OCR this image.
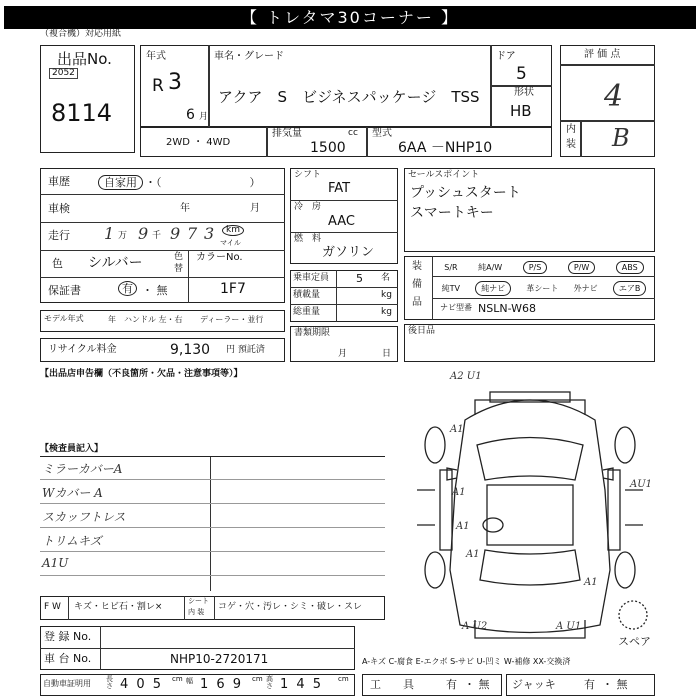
【 トレタマ30コーナー 】
（複合機）対応用紙
出品No.
2052
8114
年式
R 3
6 月
車名・グレード
アクア　S　ビジネスパッケージ　TSS
ドア
5
形状
HB
2WD ・ 4WD
排気量	cc
1500
型式
6AA －NHP10
評 価 点
4
内
装 B
車歴	自家用 ・（　　　　　　　　）
車検	年	月
走行 1 万 9 千 9 7 3	km
マイル
色 シルバー	色
替
カラーNo.
1F7
保証書	有 ・ 無
モデル年式	年 ハンドル 左・右 ディーラー・並行
リサイクル料金	9,130 円 預託済
シフト
FAT
冷　房
AAC
燃　料
ガソリン
乗車定員 5 名
積載量	kg
総重量	kg
書類期限
月	日
セールスポイント
プッシュスタート
スマートキー
装
備
品
S/R	純A/W	P/S	P/W	ABS
純TV	純ナビ	革シート 外ナビ	エアB
ナビ型番 NSLN-W68
後日品
【出品店申告欄（不良箇所・欠品・注意事項等）】
【検査員記入】
ミラーカバーA
Wカバー A
スカッフトレス
トリムキズ
A1U
A2 U1
A1
A1
A1
A1
AU1
A1
A U2	A U1
スペア
F W キズ・ヒビ石・割レ×
シート
内 装 コゲ・穴・汚レ・シミ・破レ・スレ
登 録 No.
車 台 No.	NHP10-2720171	A-キズ C-腐食 E-エクボ S-サビ U-凹ミ W-補修 XX-交換済
自動車証明用 長さ 4 0 5 cm 幅 1 6 9 cm 高さ 1 4 5 cm 工　　具	有 ・ 無 ジャッキ	有 ・ 無
